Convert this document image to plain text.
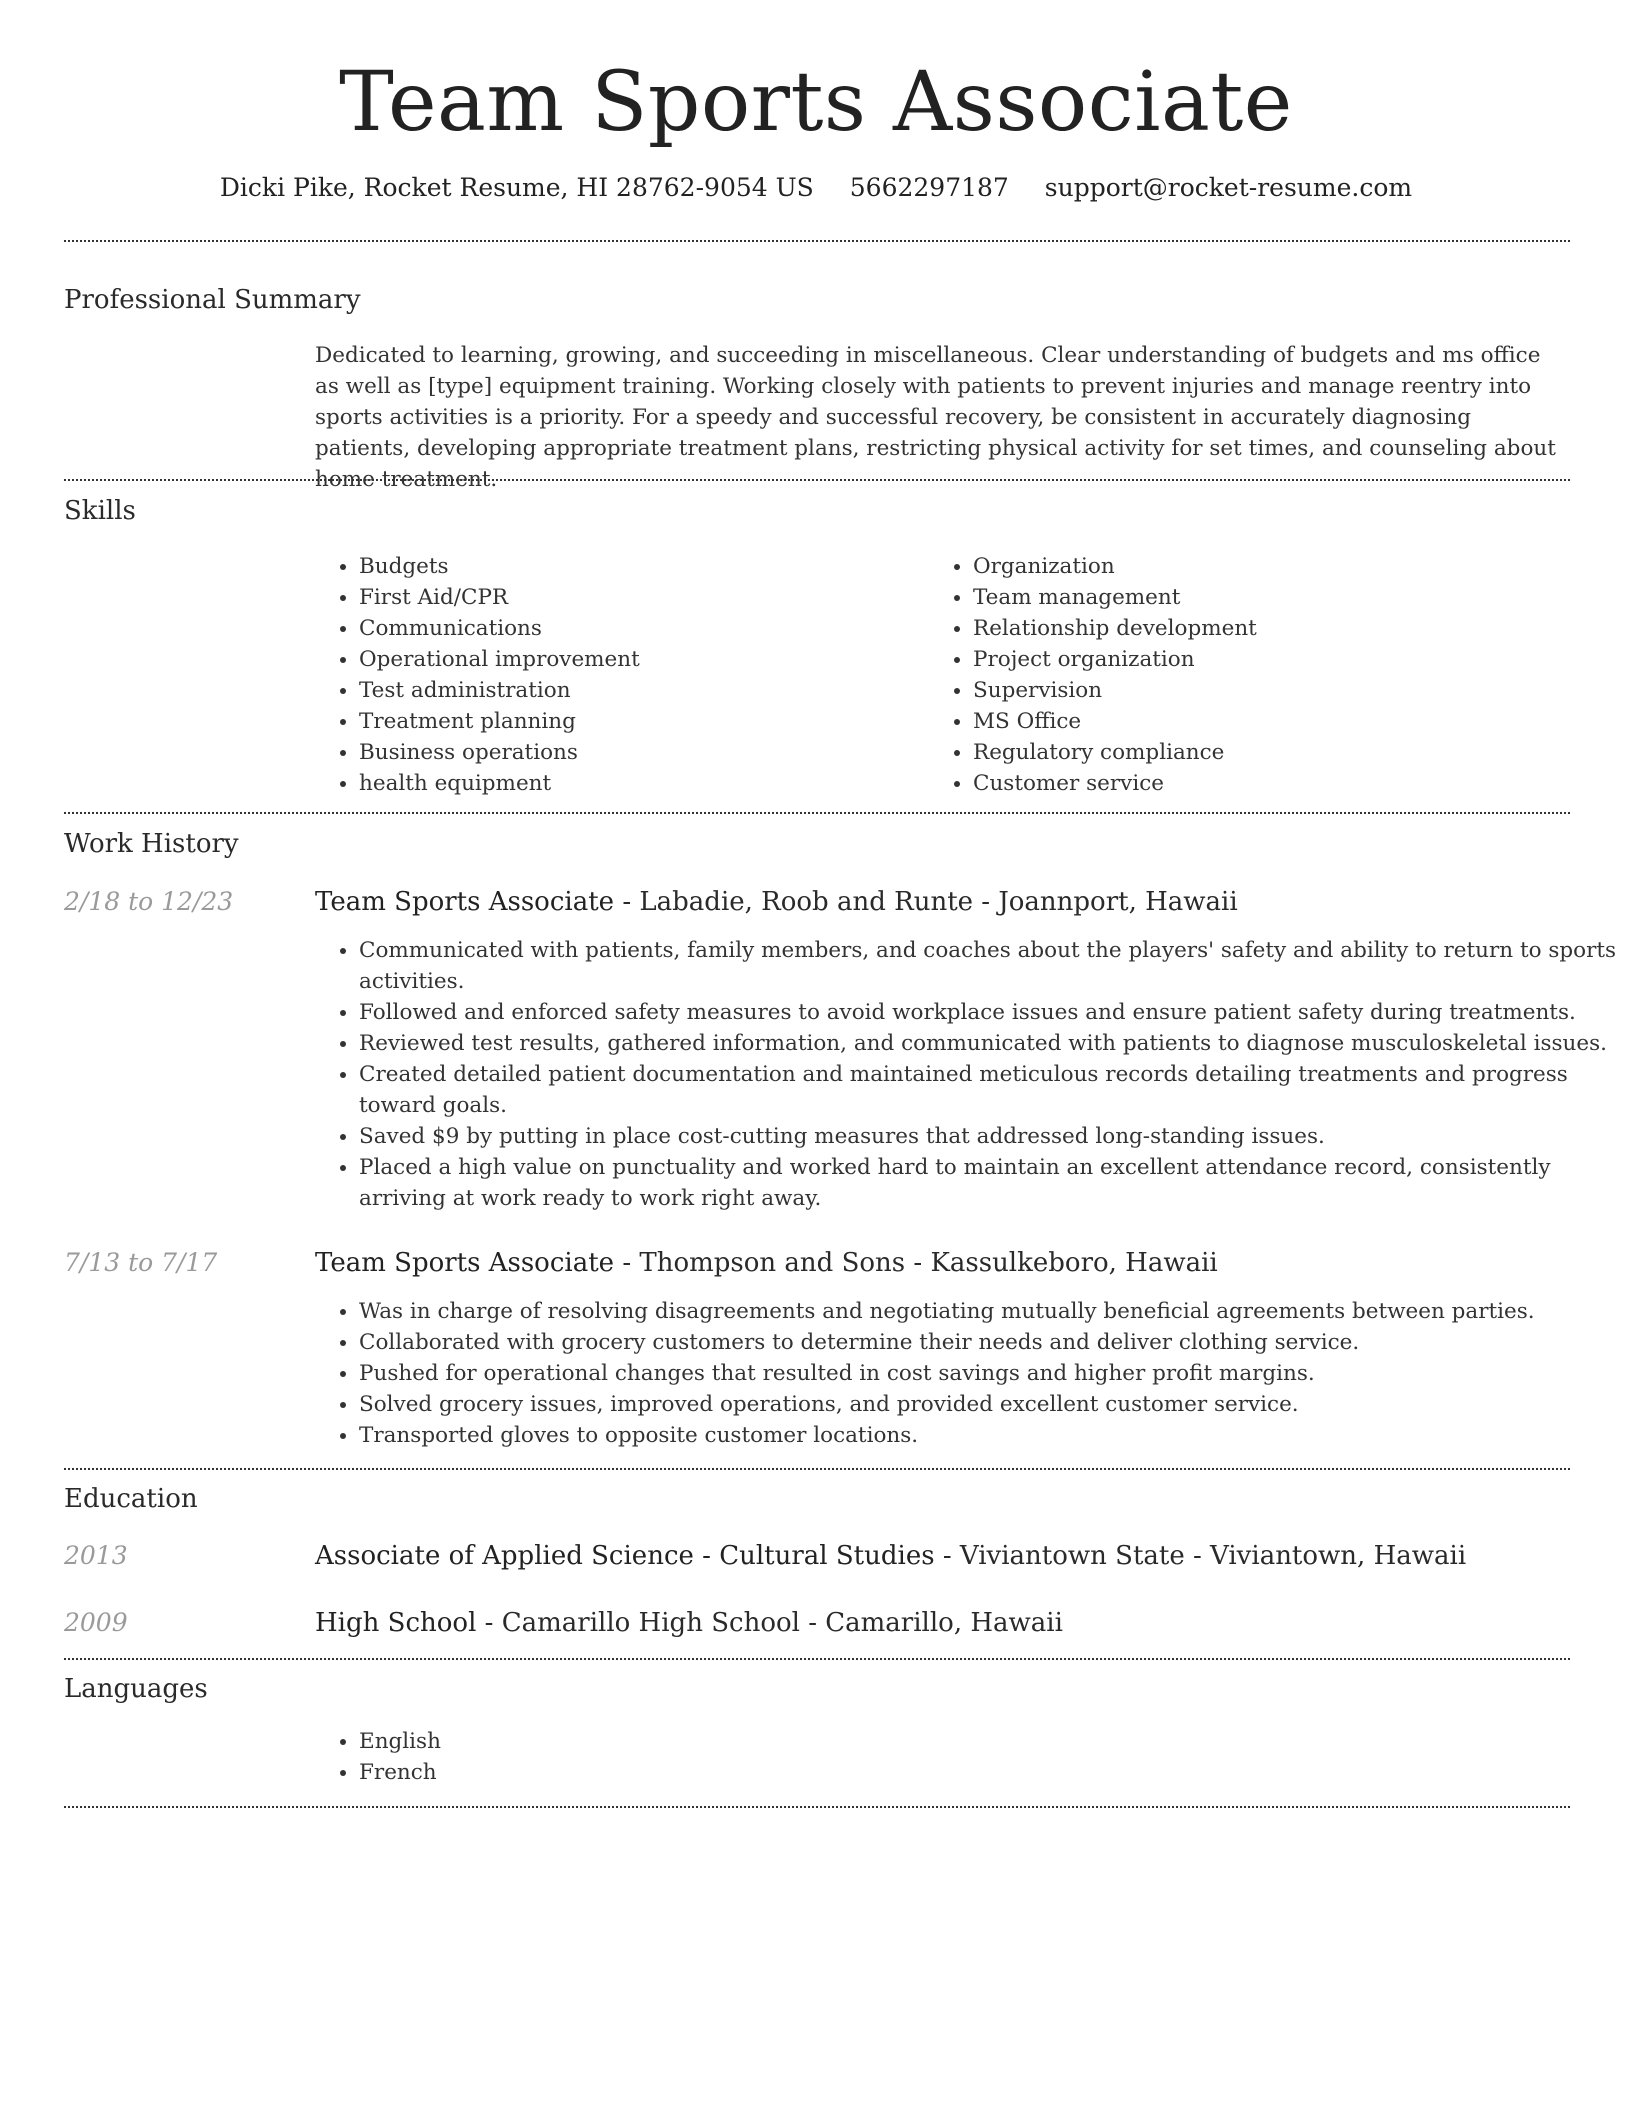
Team Sports Associate
Dicki Pike, Rocket Resume, HI 28762-9054 US 5662297187 support@rocket-resume.com
Professional Summary

Dedicated to learning, growing, and succeeding in miscellaneous. Clear understanding of budgets and ms office as well as [type] equipment training. Working closely with patients to prevent injuries and manage reentry into sports activities is a priority. For a speedy and successful recovery, be consistent in accurately diagnosing patients, developing appropriate treatment plans, restricting physical activity for set times, and counseling about home treatment.

Skills
• Budgets
• First Aid/CPR
• Communications
• Operational improvement
• Test administration
• Treatment planning
• Business operations
• health equipment
• Organization
• Team management
• Relationship development
• Project organization
• Supervision
• MS Office
• Regulatory compliance
• Customer service
Work History
2/18 to 12/23	Team Sports Associate - Labadie, Roob and Runte - Joannport, Hawaii
• Communicated with patients, family members, and coaches about the players' safety and ability to return to sports activities.
• Followed and enforced safety measures to avoid workplace issues and ensure patient safety during treatments.
• Reviewed test results, gathered information, and communicated with patients to diagnose musculoskeletal issues.
• Created detailed patient documentation and maintained meticulous records detailing treatments and progress toward goals.
• Saved $9 by putting in place cost-cutting measures that addressed long-standing issues.
• Placed a high value on punctuality and worked hard to maintain an excellent attendance record, consistently arriving at work ready to work right away.
7/13 to 7/17	Team Sports Associate - Thompson and Sons - Kassulkeboro, Hawaii
• Was in charge of resolving disagreements and negotiating mutually beneficial agreements between parties.
• Collaborated with grocery customers to determine their needs and deliver clothing service.
• Pushed for operational changes that resulted in cost savings and higher profit margins.
• Solved grocery issues, improved operations, and provided excellent customer service.
• Transported gloves to opposite customer locations.
Education
2013	Associate of Applied Science - Cultural Studies - Viviantown State - Viviantown, Hawaii
2009	High School - Camarillo High School - Camarillo, Hawaii
Languages
• English
• French
